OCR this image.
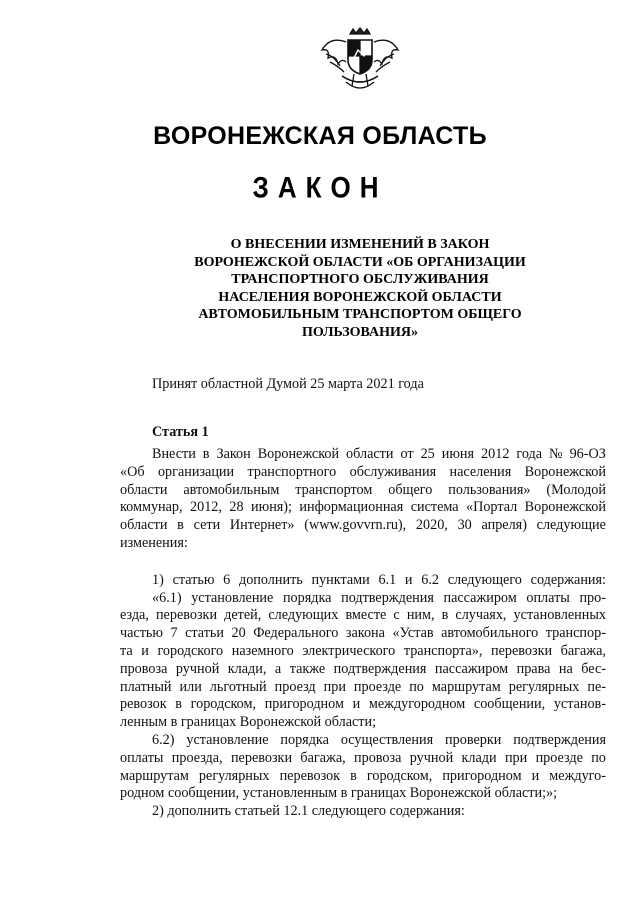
ВОРОНЕЖСКАЯ ОБЛАСТЬ
ЗАКОН
О ВНЕСЕНИИ ИЗМЕНЕНИЙ В ЗАКОН
ВОРОНЕЖСКОЙ ОБЛАСТИ «ОБ ОРГАНИЗАЦИИ
ТРАНСПОРТНОГО ОБСЛУЖИВАНИЯ
НАСЕЛЕНИЯ ВОРОНЕЖСКОЙ ОБЛАСТИ
АВТОМОБИЛЬНЫМ ТРАНСПОРТОМ ОБЩЕГО
ПОЛЬЗОВАНИЯ»
Принят областной Думой 25 марта 2021 года
Статья 1
Внести в Закон Воронежской области от 25 июня 2012 года № 96-ОЗ
«Об организации транспортного обслуживания населения Воронежской
области автомобильным транспортом общего пользования» (Молодой
коммунар, 2012, 28 июня); информационная система «Портал Воронежской
области в сети Интернет» (www.govvrn.ru), 2020, 30 апреля) следующие
изменения:
1) статью 6 дополнить пунктами 6.1 и 6.2 следующего содержания:
«6.1) установление порядка подтверждения пассажиром оплаты про-
езда, перевозки детей, следующих вместе с ним, в случаях, установленных
частью 7 статьи 20 Федерального закона «Устав автомобильного транспор-
та и городского наземного электрического транспорта», перевозки багажа,
провоза ручной клади, а также подтверждения пассажиром права на бес-
платный или льготный проезд при проезде по маршрутам регулярных пе-
ревозок в городском, пригородном и междугородном сообщении, установ-
ленным в границах Воронежской области;
6.2) установление порядка осуществления проверки подтверждения
оплаты проезда, перевозки багажа, провоза ручной клади при проезде по
маршрутам регулярных перевозок в городском, пригородном и междуго-
родном сообщении, установленным в границах Воронежской области;»;
2) дополнить статьей 12.1 следующего содержания:
